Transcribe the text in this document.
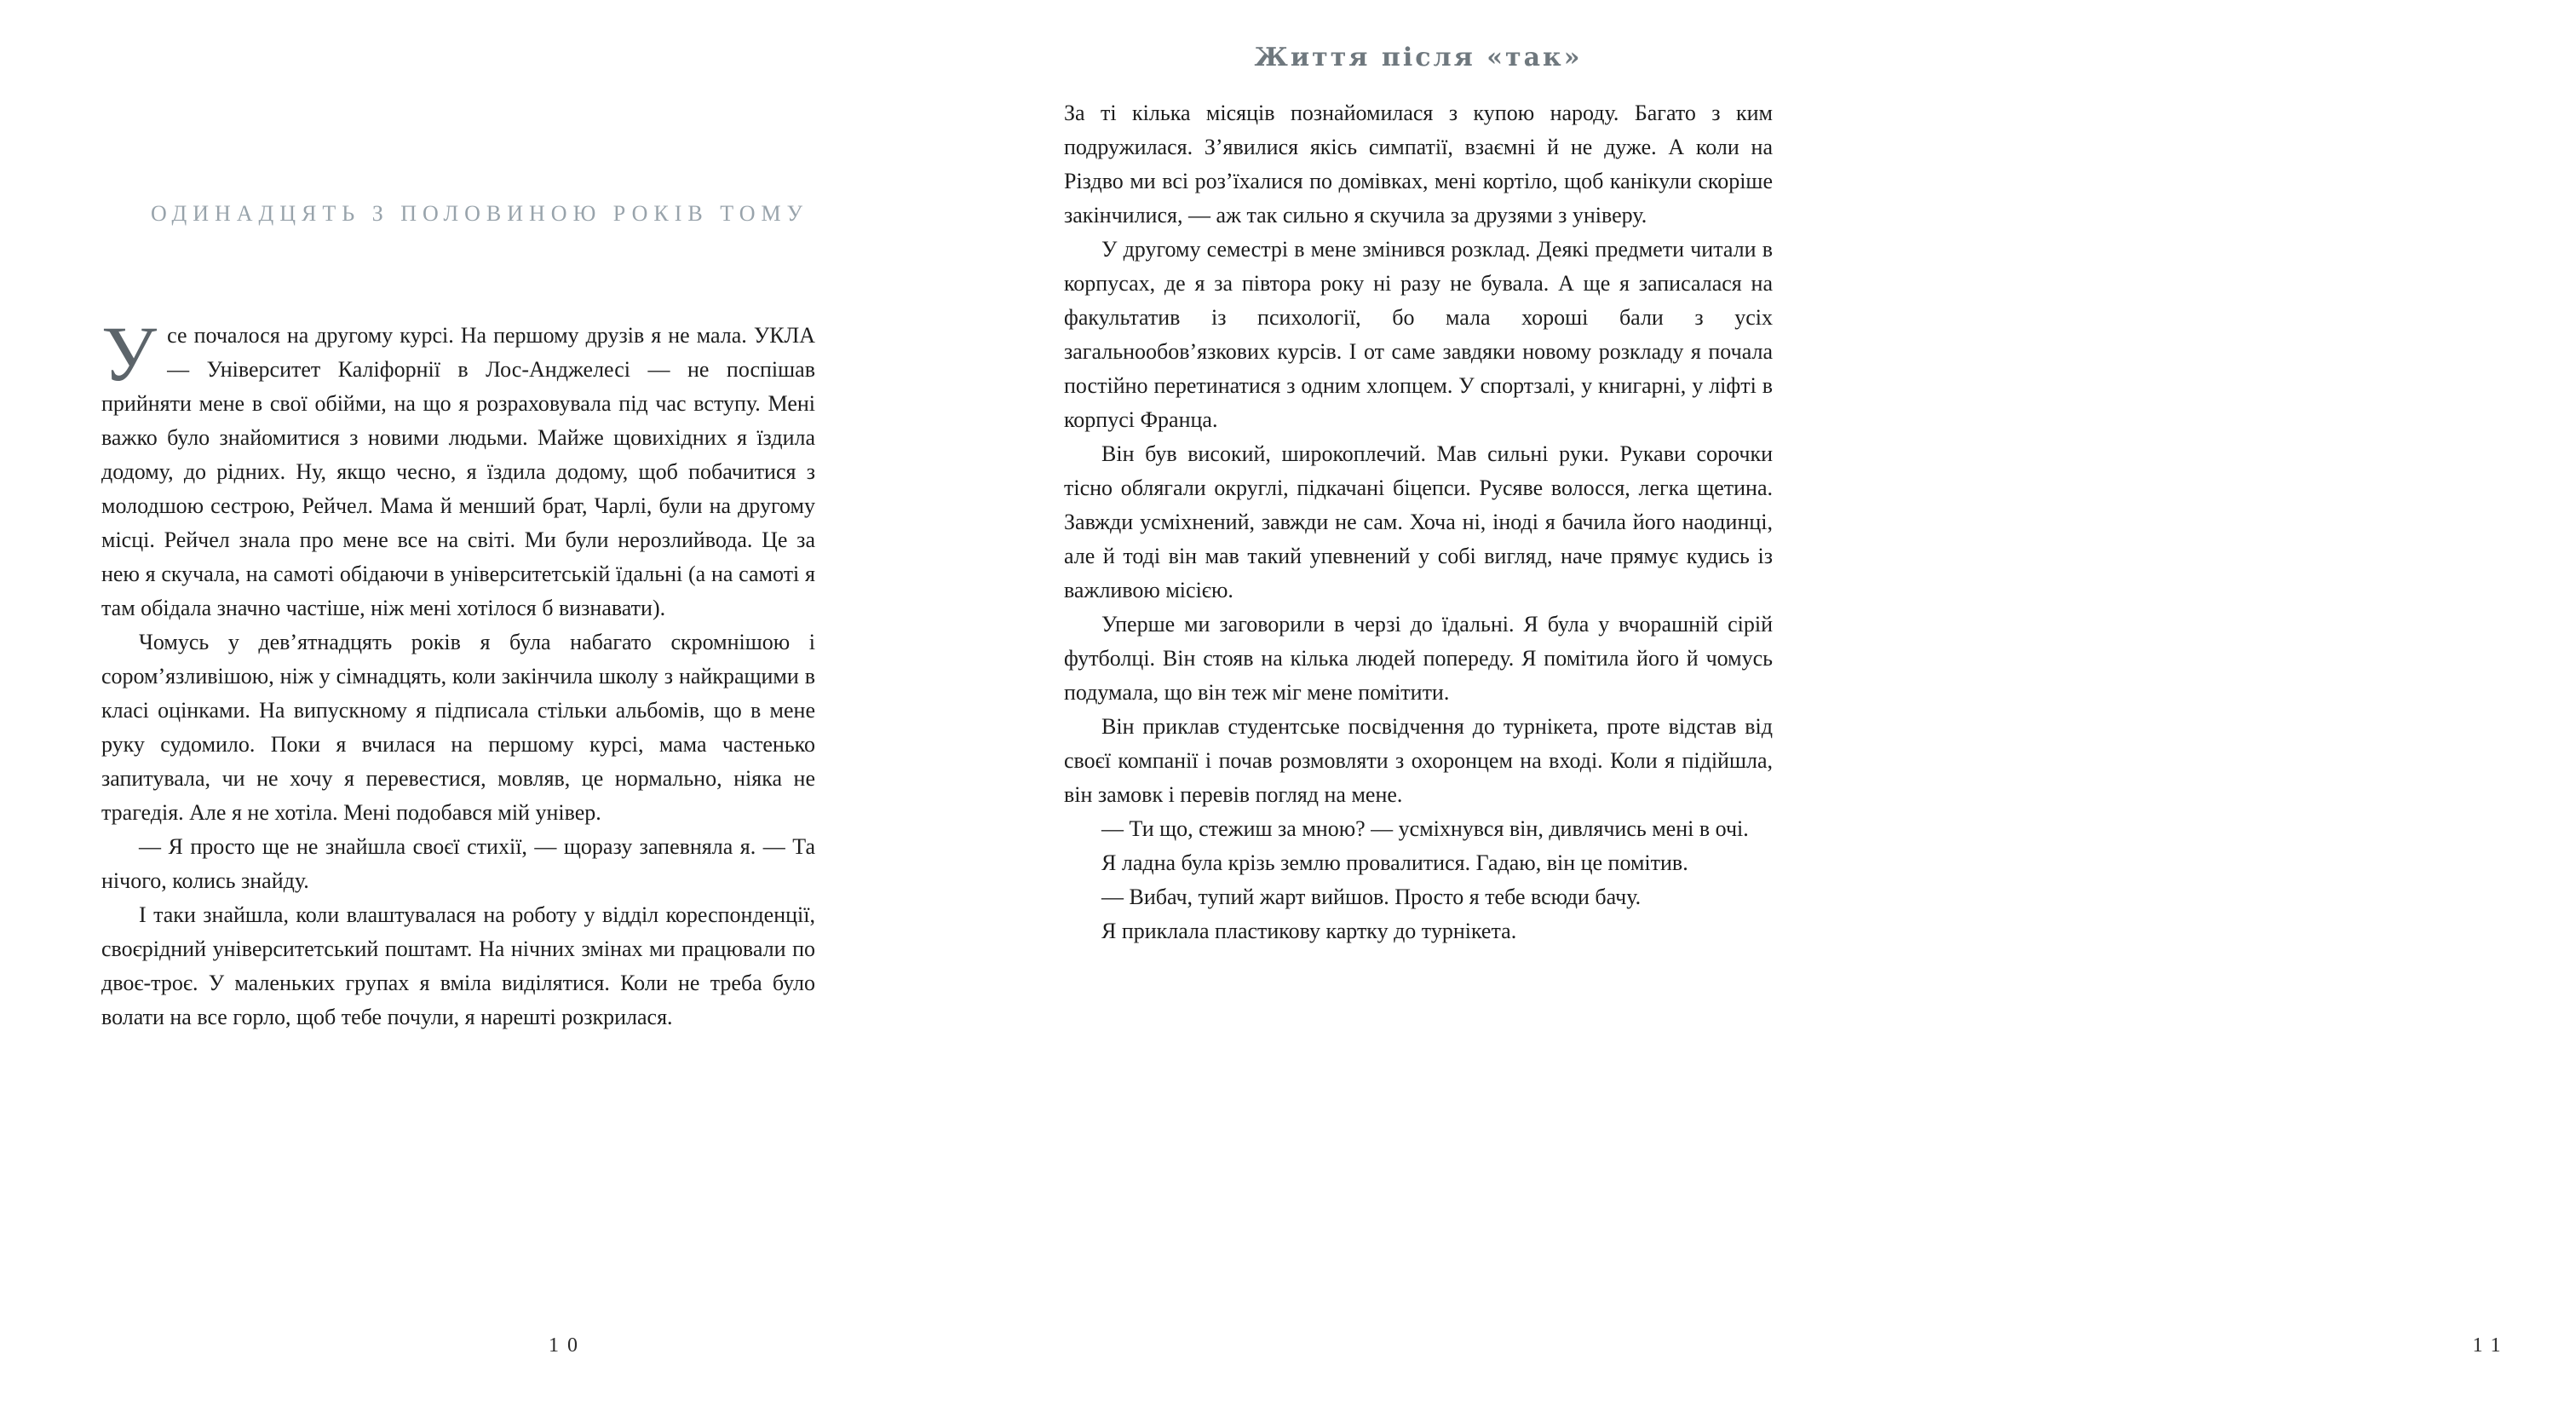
ОДИНАДЦЯТЬ З ПОЛОВИНОЮ РОКІВ ТОМУ

Усе почалося на другому курсі. На першому друзів я не мала. УКЛА — Університет Каліфорнії в Лос-Анджелесі — не поспішав прийняти мене в свої обійми, на що я розраховувала під час вступу. Мені важко було знайомитися з новими людьми. Майже щовихідних я їздила додому, до рідних. Ну, якщо чесно, я їздила додому, щоб побачитися з молодшою сестрою, Рейчел. Мама й менший брат, Чарлі, були на другому місці. Рейчел знала про мене все на світі. Ми були нерозлийвода. Це за нею я скучала, на самоті обідаючи в університетській їдальні (а на самоті я там обідала значно частіше, ніж мені хотілося б визнавати).

Чомусь у дев’ятнадцять років я була набагато скромнішою і сором’язливішою, ніж у сімнадцять, коли закінчила школу з найкращими в класі оцінками. На випускному я підписала стільки альбомів, що в мене руку судомило. Поки я вчилася на першому курсі, мама частенько запитувала, чи не хочу я перевестися, мовляв, це нормально, ніяка не трагедія. Але я не хотіла. Мені подобався мій універ.

— Я просто ще не знайшла своєї стихії, — щоразу запевняла я. — Та нічого, колись знайду.

І таки знайшла, коли влаштувалася на роботу у відділ кореспонденції, своєрідний університетський поштамт. На нічних змінах ми працювали по двоє-троє. У маленьких групах я вміла виділятися. Коли не треба було волати на все горло, щоб тебе почули, я нарешті розкрилася.

10
Життя після «так»

За ті кілька місяців познайомилася з купою народу. Багато з ким подружилася. З’явилися якісь симпатії, взаємні й не дуже. А коли на Різдво ми всі роз’їхалися по домівках, мені кортіло, щоб канікули скоріше закінчилися, — аж так сильно я скучила за друзями з універу.

У другому семестрі в мене змінився розклад. Деякі предмети читали в корпусах, де я за півтора року ні разу не бувала. А ще я записалася на факультатив із психології, бо мала хороші бали з усіх загальнообов’язкових курсів. І от саме завдяки новому розкладу я почала постійно перетинатися з одним хлопцем. У спортзалі, у книгарні, у ліфті в корпусі Франца.

Він був високий, широкоплечий. Мав сильні руки. Рукави сорочки тісно облягали округлі, підкачані біцепси. Русяве волосся, легка щетина. Завжди усміхнений, завжди не сам. Хоча ні, іноді я бачила його наодинці, але й тоді він мав такий упевнений у собі вигляд, наче прямує кудись із важливою місією.

Уперше ми заговорили в черзі до їдальні. Я була у вчорашній сірій футболці. Він стояв на кілька людей попереду. Я помітила його й чомусь подумала, що він теж міг мене помітити.

Він приклав студентське посвідчення до турнікета, проте відстав від своєї компанії і почав розмовляти з охоронцем на вході. Коли я підійшла, він замовк і перевів погляд на мене.

— Ти що, стежиш за мною? — усміхнувся він, дивлячись мені в очі.

Я ладна була крізь землю провалитися. Гадаю, він це помітив.

— Вибач, тупий жарт вийшов. Просто я тебе всюди бачу.

Я приклала пластикову картку до турнікета.

11
